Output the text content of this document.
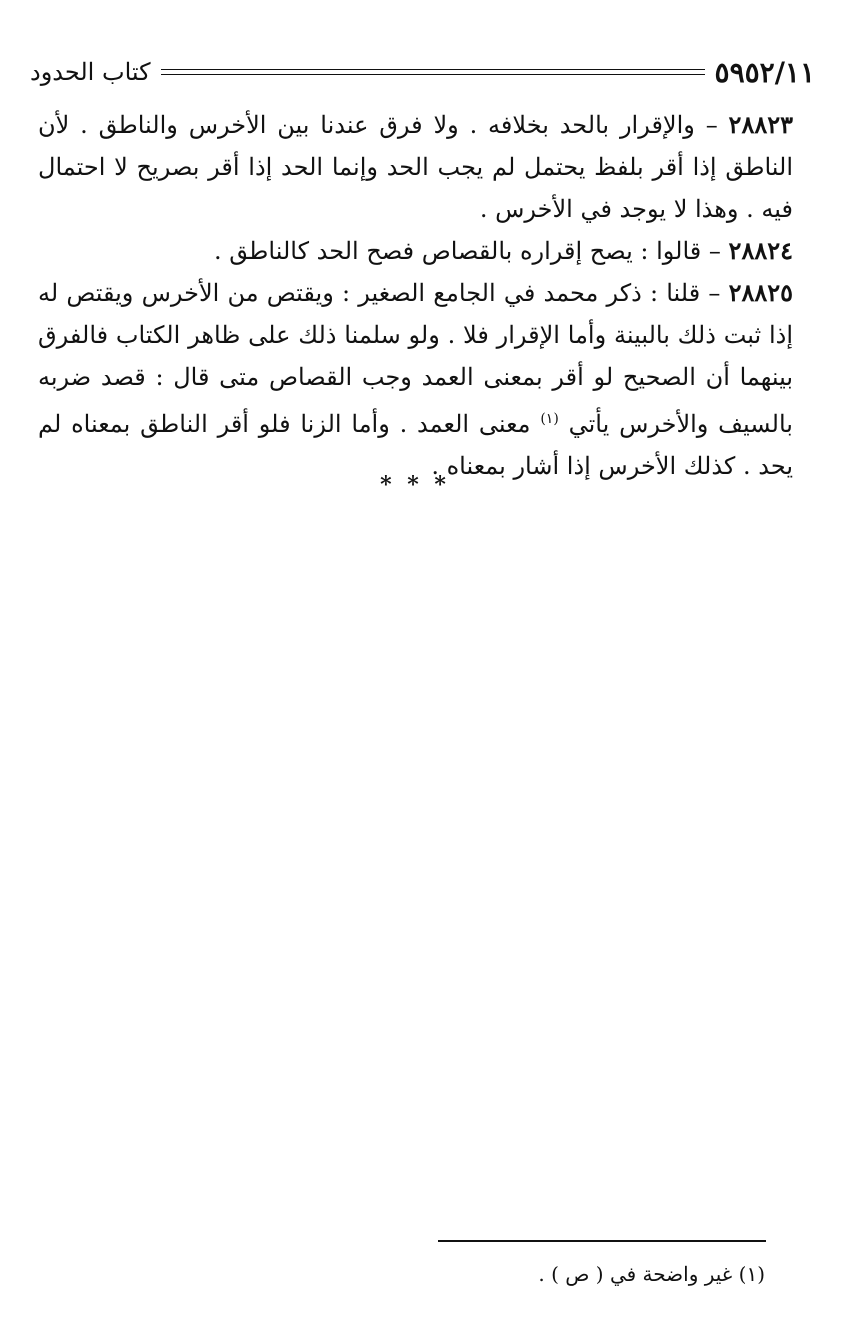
٥٩٥٢/١١
كتاب الحدود

٢٨٨٢٣ – والإقرار بالحد بخلافه . ولا فرق عندنا بين الأخرس والناطق . لأن الناطق إذا أقر بلفظ يحتمل لم يجب الحد وإنما الحد إذا أقر بصريح لا احتمال فيه . وهذا لا يوجد في الأخرس .

٢٨٨٢٤ – قالوا : يصح إقراره بالقصاص فصح الحد كالناطق .

٢٨٨٢٥ – قلنا : ذكر محمد في الجامع الصغير : ويقتص من الأخرس ويقتص له إذا ثبت ذلك بالبينة وأما الإقرار فلا . ولو سلمنا ذلك على ظاهر الكتاب فالفرق بينهما أن الصحيح لو أقر بمعنى العمد وجب القصاص متى قال : قصد ضربه بالسيف والأخرس يأتي $^{(١)}$ معنى العمد . وأما الزنا فلو أقر الناطق بمعناه لم يحد . كذلك الأخرس إذا أشار بمعناه .

* * *
(١) غير واضحة في ( ص ) .
